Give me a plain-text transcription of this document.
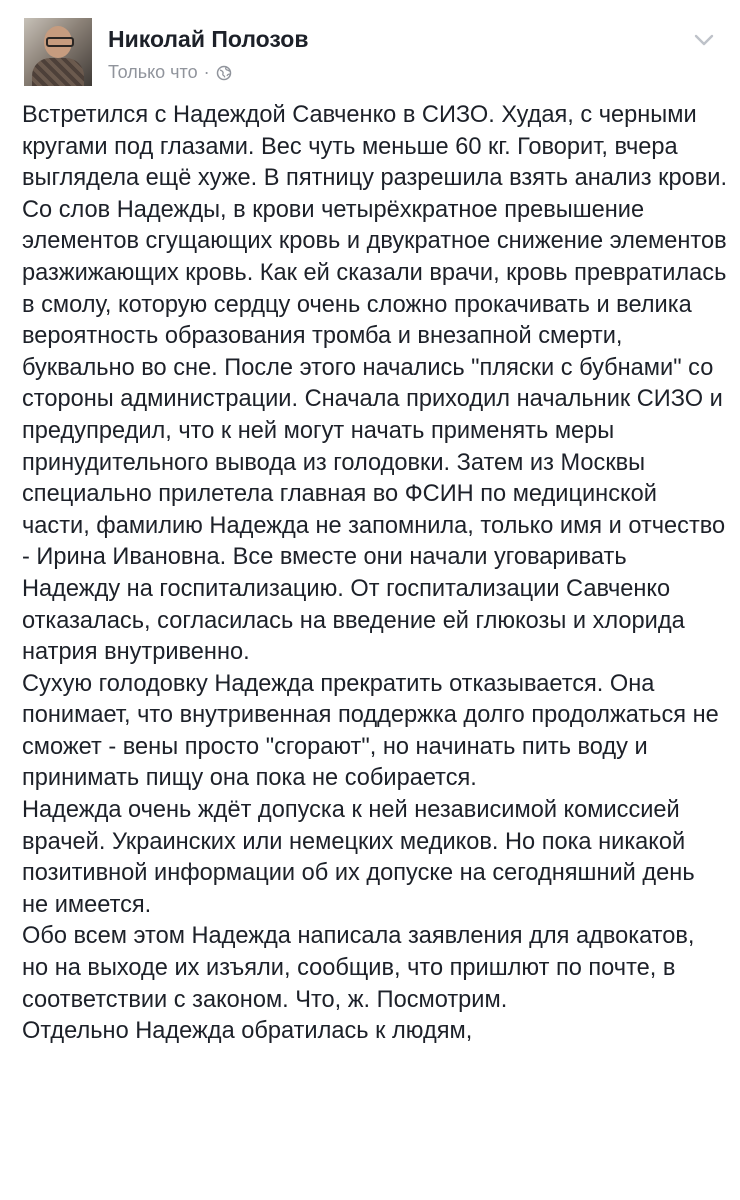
Николай Полозов
Только что ·

Встретился с Надеждой Савченко в СИЗО. Худая, с черными кругами под глазами. Вес чуть меньше 60 кг. Говорит, вчера выглядела ещё хуже. В пятницу разрешила взять анализ крови. Со слов Надежды, в крови четырёхкратное превышение элементов сгущающих кровь и двукратное снижение элементов разжижающих кровь. Как ей сказали врачи, кровь превратилась в смолу, которую сердцу очень сложно прокачивать и велика вероятность образования тромба и внезапной смерти, буквально во сне. После этого начались "пляски с бубнами" со стороны администрации. Сначала приходил начальник СИЗО и предупредил, что к ней могут начать применять меры принудительного вывода из голодовки. Затем из Москвы специально прилетела главная во ФСИН по медицинской части, фамилию Надежда не запомнила, только имя и отчество - Ирина Ивановна. Все вместе они начали уговаривать Надежду на госпитализацию. От госпитализации Савченко отказалась, согласилась на введение ей глюкозы и хлорида натрия внутривенно.

Сухую голодовку Надежда прекратить отказывается. Она понимает, что внутривенная поддержка долго продолжаться не сможет - вены просто "сгорают", но начинать пить воду и принимать пищу она пока не собирается.

Надежда очень ждёт допуска к ней независимой комиссией врачей. Украинских или немецких медиков. Но пока никакой позитивной информации об их допуске на сегодняшний день не имеется.

Обо всем этом Надежда написала заявления для адвокатов, но на выходе их изъяли, сообщив, что пришлют по почте, в соответствии с законом. Что, ж. Посмотрим.

Отдельно Надежда обратилась к людям,
